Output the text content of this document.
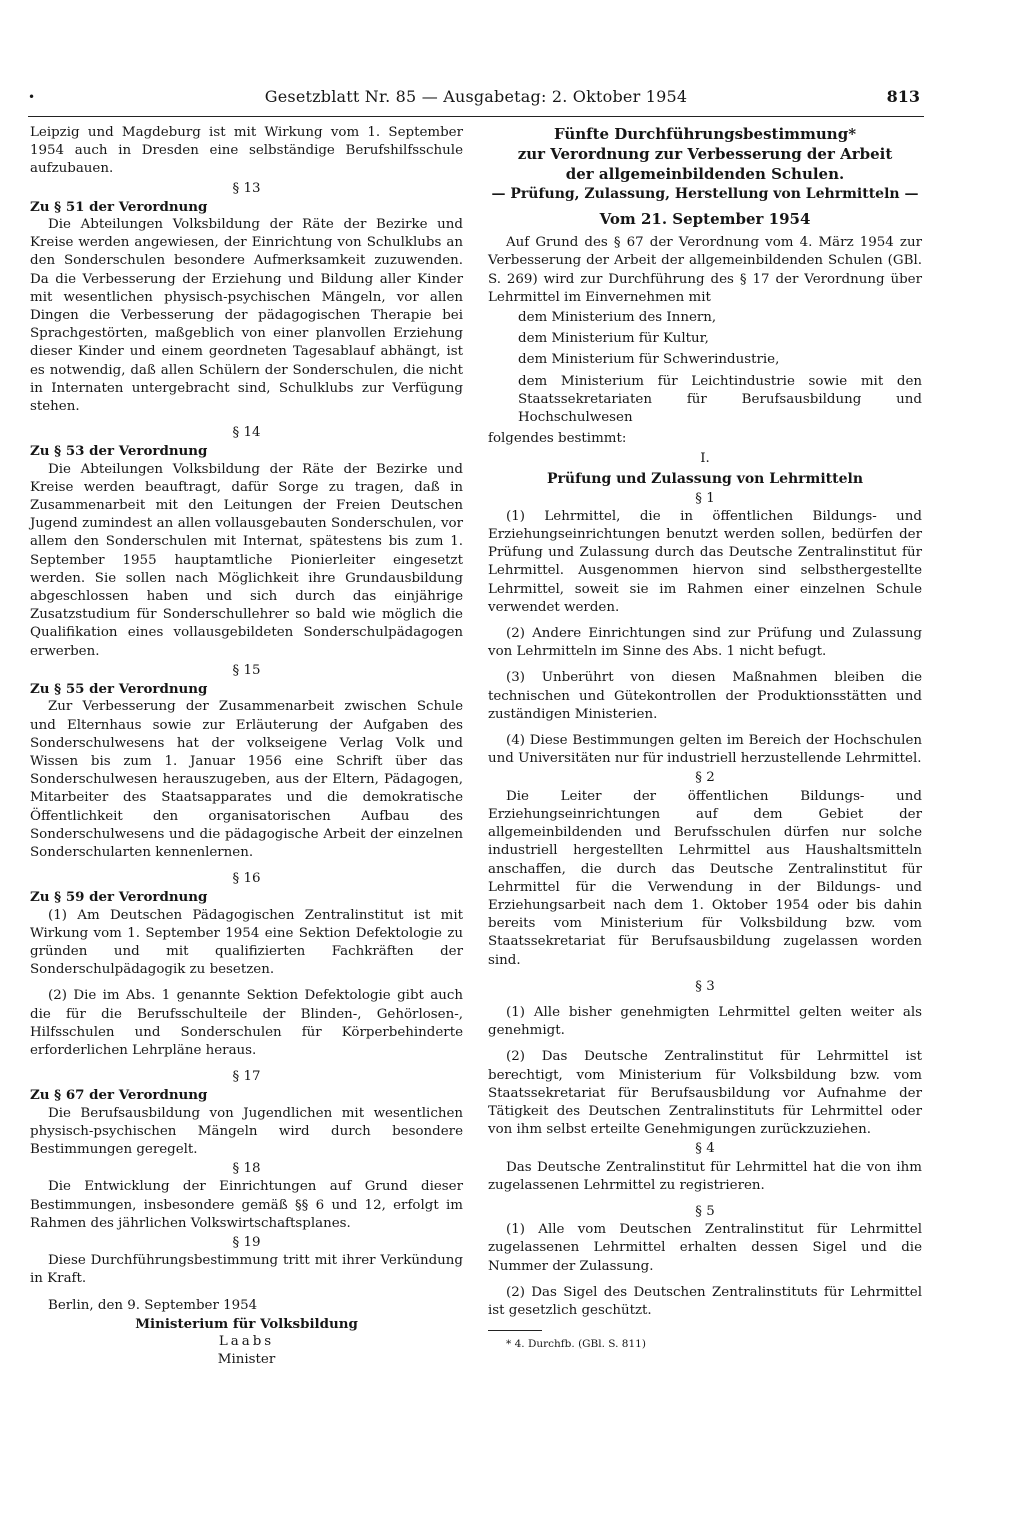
•	Gesetzblatt Nr. 85 — Ausgabetag: 2. Oktober 1954	813

Leipzig und Magdeburg ist mit Wirkung vom 1. September 1954 auch in Dresden eine selbständige Berufshilfsschule aufzubauen.

§ 13
Zu § 51 der Verordnung

Die Abteilungen Volksbildung der Räte der Bezirke und Kreise werden angewiesen, der Einrichtung von Schulklubs an den Sonderschulen besondere Aufmerksamkeit zuzuwenden. Da die Verbesserung der Erziehung und Bildung aller Kinder mit wesentlichen physisch-psychischen Mängeln, vor allen Dingen die Verbesserung der pädagogischen Therapie bei Sprachgestörten, maßgeblich von einer planvollen Erziehung dieser Kinder und einem geordneten Tagesablauf abhängt, ist es notwendig, daß allen Schülern der Sonderschulen, die nicht in Internaten untergebracht sind, Schulklubs zur Verfügung stehen.

§ 14
Zu § 53 der Verordnung

Die Abteilungen Volksbildung der Räte der Bezirke und Kreise werden beauftragt, dafür Sorge zu tragen, daß in Zusammenarbeit mit den Leitungen der Freien Deutschen Jugend zumindest an allen vollausgebauten Sonderschulen, vor allem den Sonderschulen mit Internat, spätestens bis zum 1. September 1955 hauptamtliche Pionierleiter eingesetzt werden. Sie sollen nach Möglichkeit ihre Grundausbildung abgeschlossen haben und sich durch das einjährige Zusatzstudium für Sonderschullehrer so bald wie möglich die Qualifikation eines vollausgebildeten Sonderschulpädagogen erwerben.

§ 15
Zu § 55 der Verordnung

Zur Verbesserung der Zusammenarbeit zwischen Schule und Elternhaus sowie zur Erläuterung der Aufgaben des Sonderschulwesens hat der volkseigene Verlag Volk und Wissen bis zum 1. Januar 1956 eine Schrift über das Sonderschulwesen herauszugeben, aus der Eltern, Pädagogen, Mitarbeiter des Staatsapparates und die demokratische Öffentlichkeit den organisatorischen Aufbau des Sonderschulwesens und die pädagogische Arbeit der einzelnen Sonderschularten kennenlernen.

§ 16
Zu § 59 der Verordnung

(1) Am Deutschen Pädagogischen Zentralinstitut ist mit Wirkung vom 1. September 1954 eine Sektion Defektologie zu gründen und mit qualifizierten Fachkräften der Sonderschulpädagogik zu besetzen.

(2) Die im Abs. 1 genannte Sektion Defektologie gibt auch die für die Berufsschulteile der Blinden-, Gehörlosen-, Hilfsschulen und Sonderschulen für Körperbehinderte erforderlichen Lehrpläne heraus.

§ 17
Zu § 67 der Verordnung

Die Berufsausbildung von Jugendlichen mit wesentlichen physisch-psychischen Mängeln wird durch besondere Bestimmungen geregelt.

§ 18

Die Entwicklung der Einrichtungen auf Grund dieser Bestimmungen, insbesondere gemäß §§ 6 und 12, erfolgt im Rahmen des jährlichen Volkswirtschaftsplanes.

§ 19

Diese Durchführungsbestimmung tritt mit ihrer Verkündung in Kraft.

Berlin, den 9. September 1954

Ministerium für Volksbildung
Laabs
Minister
Fünfte Durchführungsbestimmung*
zur Verordnung zur Verbesserung der Arbeit
der allgemeinbildenden Schulen.
— Prüfung, Zulassung, Herstellung von Lehrmitteln —
Vom 21. September 1954

Auf Grund des § 67 der Verordnung vom 4. März 1954 zur Verbesserung der Arbeit der allgemeinbildenden Schulen (GBl. S. 269) wird zur Durchführung des § 17 der Verordnung über Lehrmittel im Einvernehmen mit

dem Ministerium des Innern,
dem Ministerium für Kultur,
dem Ministerium für Schwerindustrie,
dem Ministerium für Leichtindustrie sowie mit den Staatssekretariaten für Berufsausbildung und Hochschulwesen

folgendes bestimmt:

I.
Prüfung und Zulassung von Lehrmitteln
§ 1

(1) Lehrmittel, die in öffentlichen Bildungs- und Erziehungseinrichtungen benutzt werden sollen, bedürfen der Prüfung und Zulassung durch das Deutsche Zentralinstitut für Lehrmittel. Ausgenommen hiervon sind selbsthergestellte Lehrmittel, soweit sie im Rahmen einer einzelnen Schule verwendet werden.

(2) Andere Einrichtungen sind zur Prüfung und Zulassung von Lehrmitteln im Sinne des Abs. 1 nicht befugt.

(3) Unberührt von diesen Maßnahmen bleiben die technischen und Gütekontrollen der Produktionsstätten und zuständigen Ministerien.

(4) Diese Bestimmungen gelten im Bereich der Hochschulen und Universitäten nur für industriell herzustellende Lehrmittel.

§ 2

Die Leiter der öffentlichen Bildungs- und Erziehungseinrichtungen auf dem Gebiet der allgemeinbildenden und Berufsschulen dürfen nur solche industriell hergestellten Lehrmittel aus Haushaltsmitteln anschaffen, die durch das Deutsche Zentralinstitut für Lehrmittel für die Verwendung in der Bildungs- und Erziehungsarbeit nach dem 1. Oktober 1954 oder bis dahin bereits vom Ministerium für Volksbildung bzw. vom Staatssekretariat für Berufsausbildung zugelassen worden sind.

§ 3

(1) Alle bisher genehmigten Lehrmittel gelten weiter als genehmigt.

(2) Das Deutsche Zentralinstitut für Lehrmittel ist berechtigt, vom Ministerium für Volksbildung bzw. vom Staatssekretariat für Berufsausbildung vor Aufnahme der Tätigkeit des Deutschen Zentralinstituts für Lehrmittel oder von ihm selbst erteilte Genehmigungen zurückzuziehen.

§ 4

Das Deutsche Zentralinstitut für Lehrmittel hat die von ihm zugelassenen Lehrmittel zu registrieren.

§ 5

(1) Alle vom Deutschen Zentralinstitut für Lehrmittel zugelassenen Lehrmittel erhalten dessen Sigel und die Nummer der Zulassung.

(2) Das Sigel des Deutschen Zentralinstituts für Lehrmittel ist gesetzlich geschützt.

* 4. Durchfb. (GBl. S. 811)
